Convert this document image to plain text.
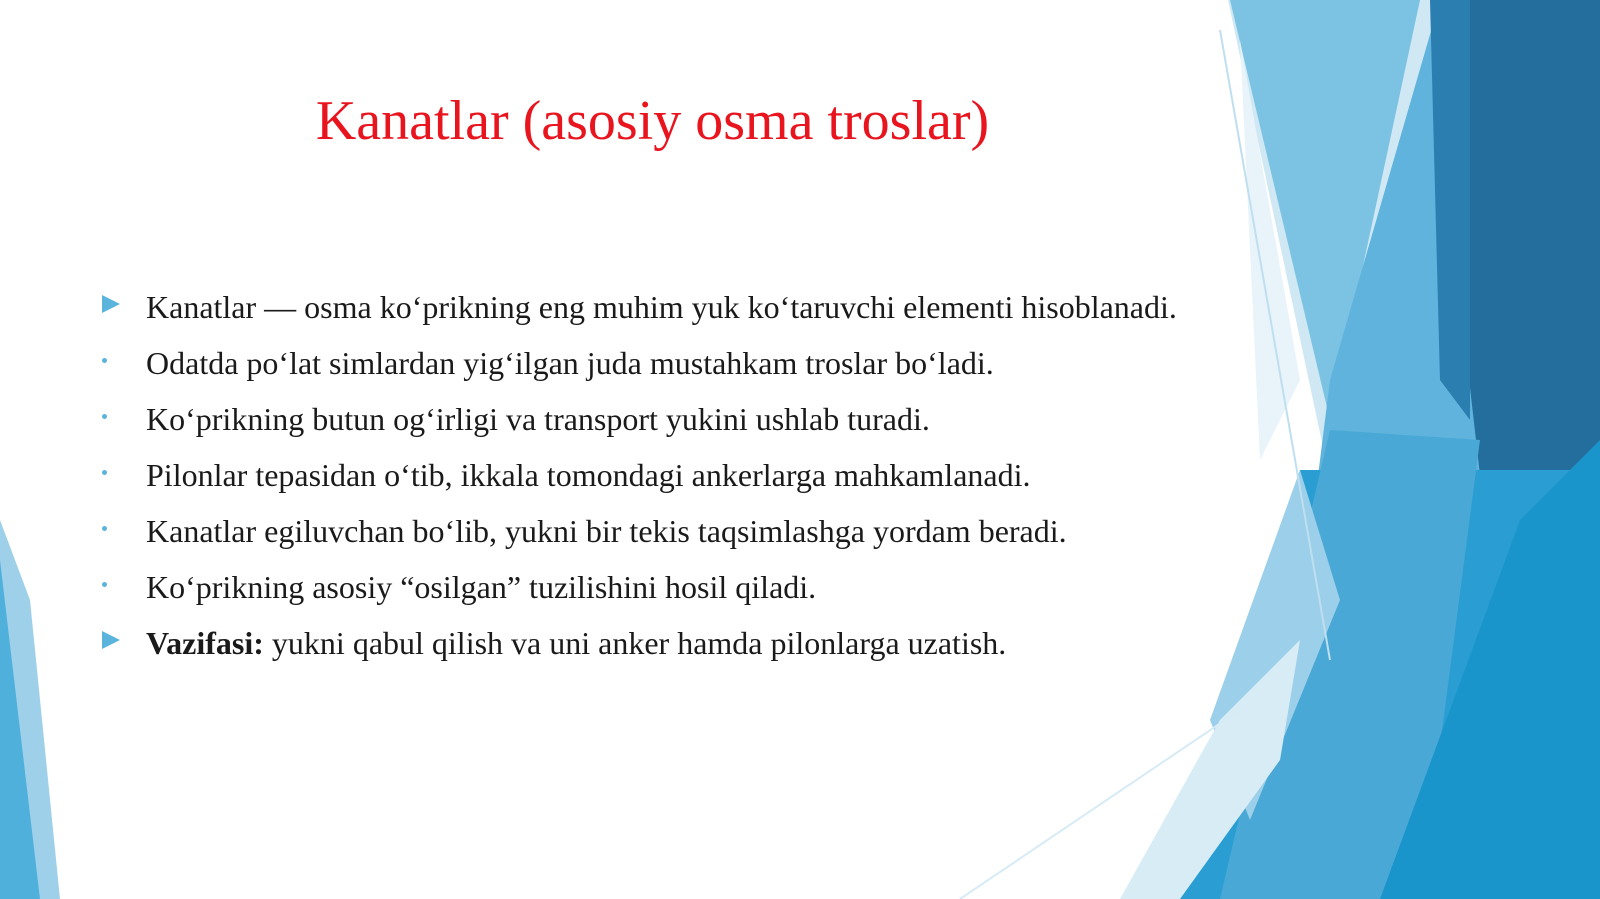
Kanatlar (asosiy osma troslar)
Kanatlar — osma ko‘prikning eng muhim yuk ko‘taruvchi elementi hisoblanadi.
Odatda po‘lat simlardan yig‘ilgan juda mustahkam troslar bo‘ladi.
Ko‘prikning butun og‘irligi va transport yukini ushlab turadi.
Pilonlar tepasidan o‘tib, ikkala tomondagi ankerlarga mahkamlanadi.
Kanatlar egiluvchan bo‘lib, yukni bir tekis taqsimlashga yordam beradi.
Ko‘prikning asosiy “osilgan” tuzilishini hosil qiladi.
Vazifasi: yukni qabul qilish va uni anker hamda pilonlarga uzatish.
